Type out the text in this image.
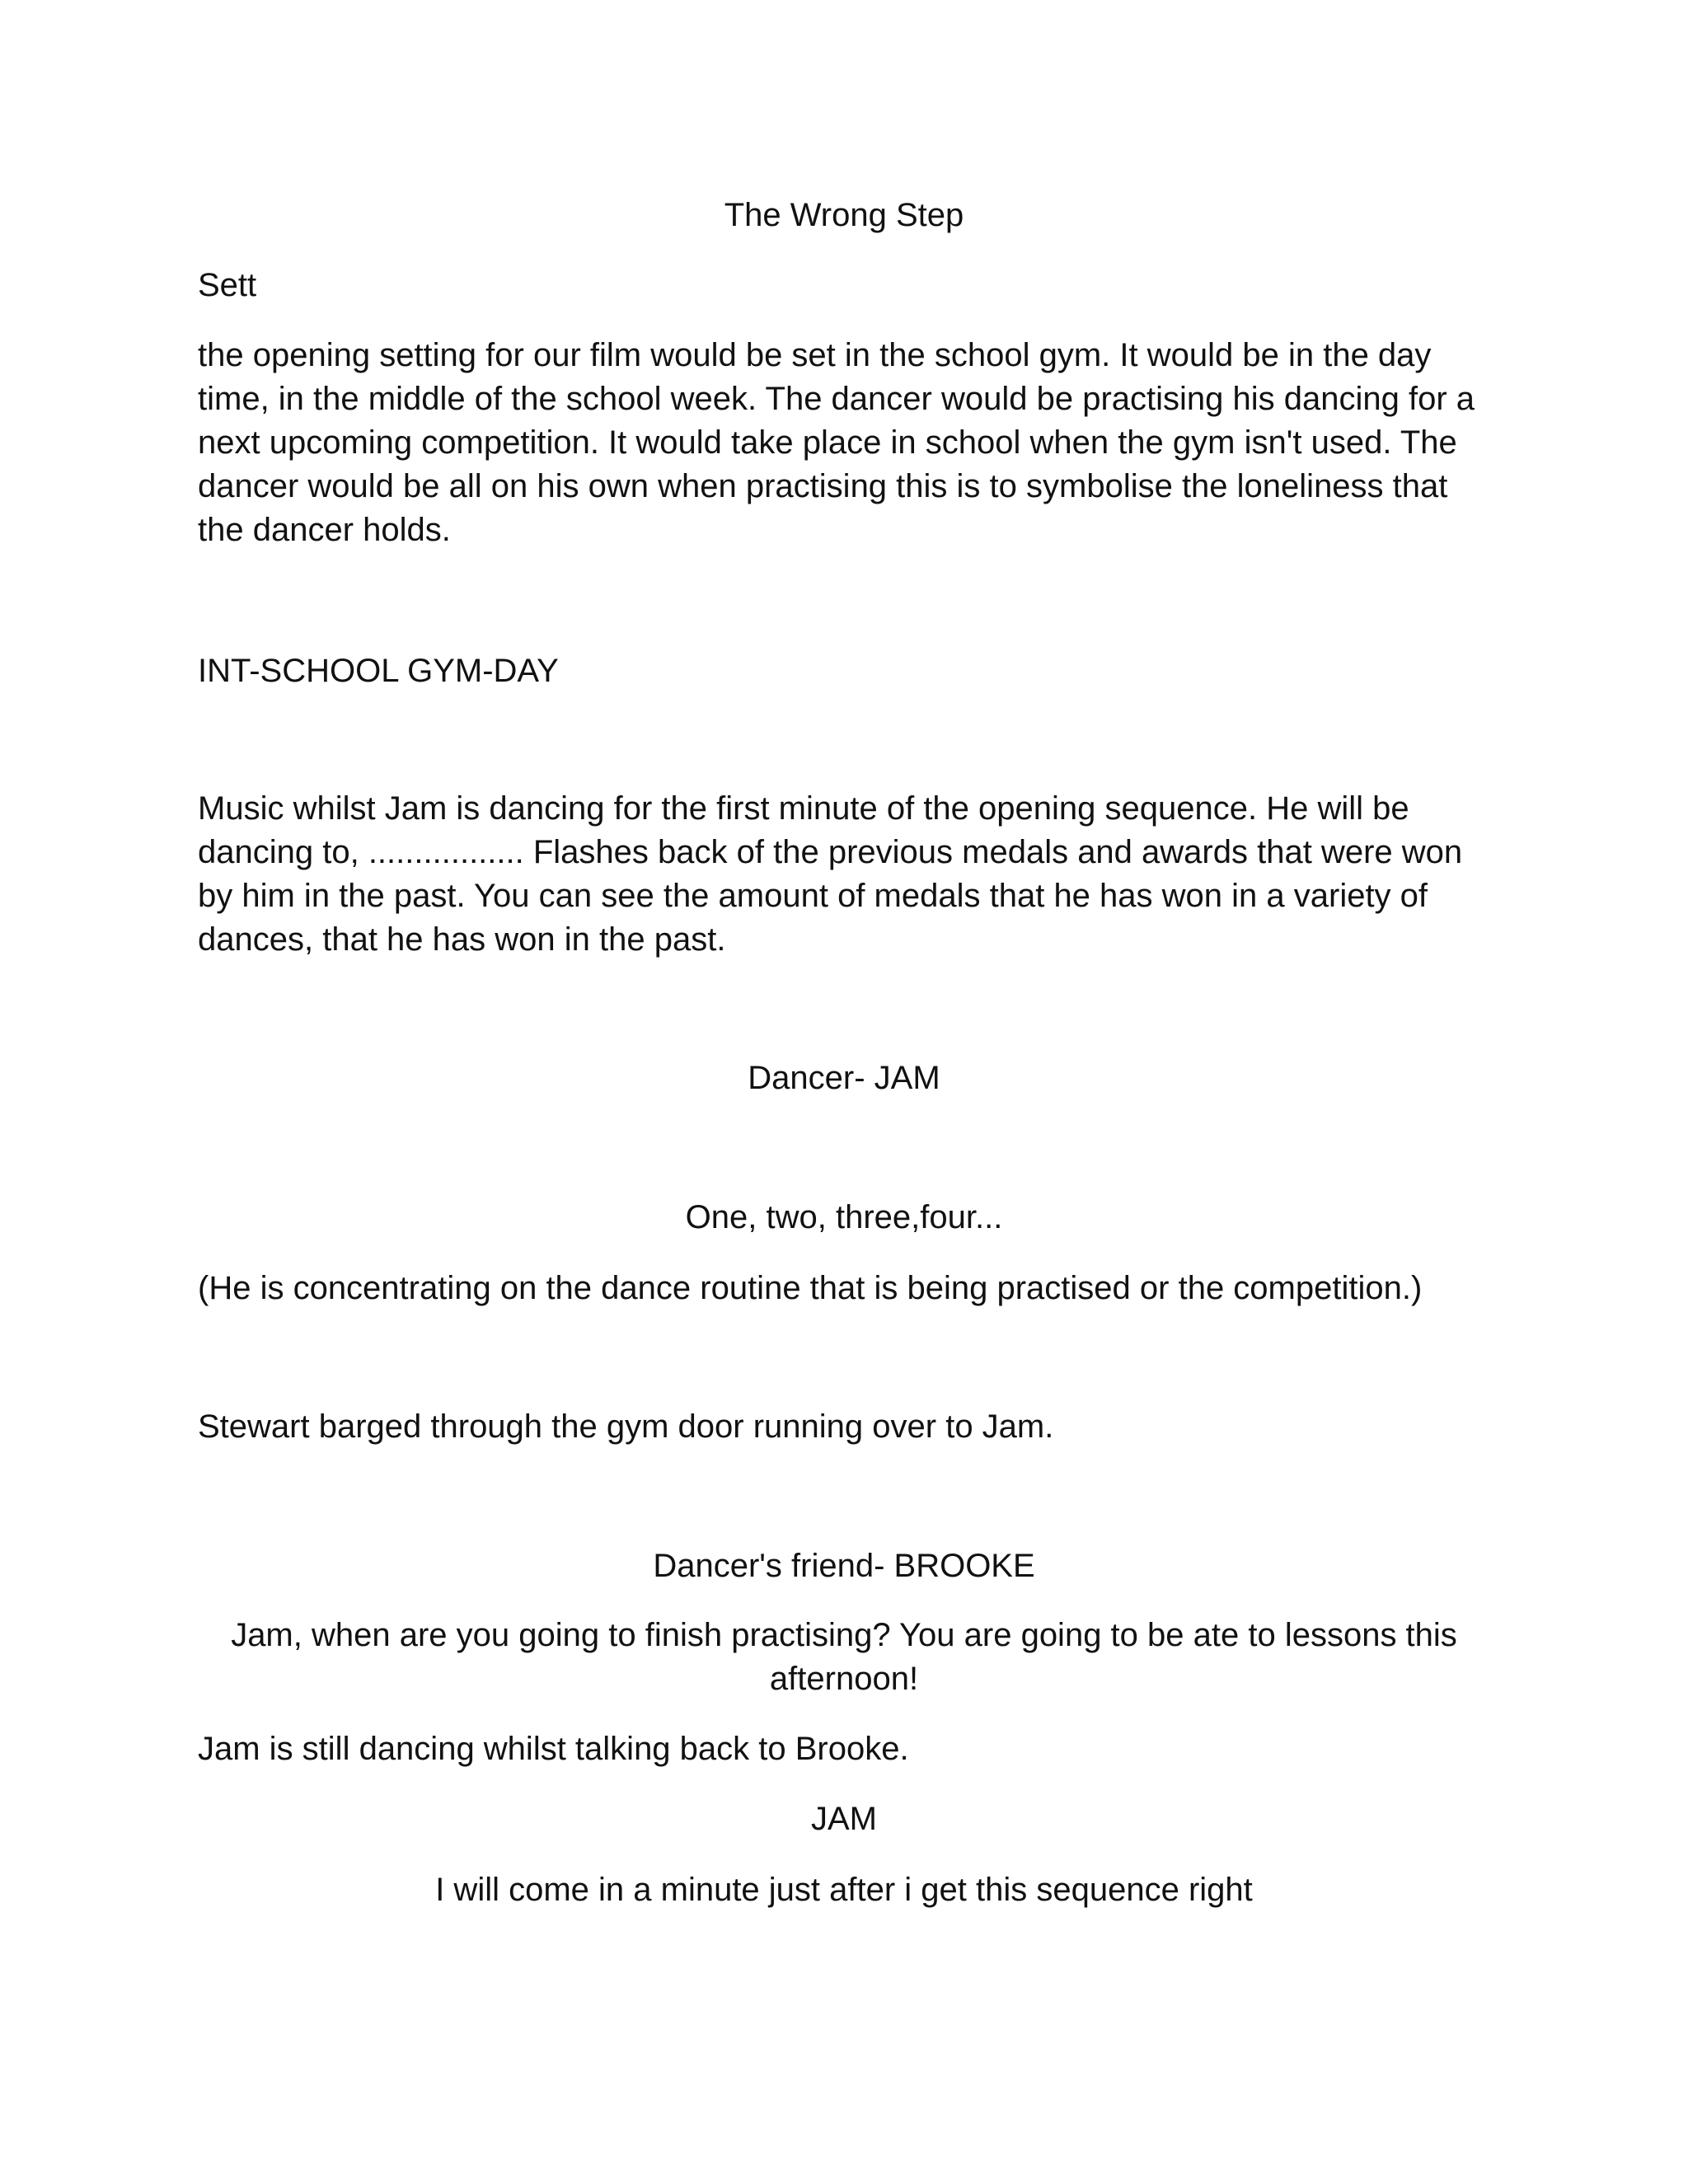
The Wrong Step

Sett

the opening setting for our film would be set in the school gym. It would be in the day
time, in the middle of the school week. The dancer would be practising his dancing for a
next upcoming competition. It would take place in school when the gym isn't used. The
dancer would be all on his own when practising this is to symbolise the loneliness that
the dancer holds.

INT-SCHOOL GYM-DAY

Music whilst Jam is dancing for the first minute of the opening sequence. He will be
dancing to, ................. Flashes back of the previous medals and awards that were won
by him in the past. You can see the amount of medals that he has won in a variety of
dances, that he has won in the past.

Dancer- JAM

One, two, three,four...

(He is concentrating on the dance routine that is being practised or the competition.)

Stewart barged through the gym door running over to Jam.

Dancer's friend- BROOKE

Jam, when are you going to finish practising? You are going to be ate to lessons this
afternoon!

Jam is still dancing whilst talking back to Brooke.

JAM

I will come in a minute just after i get this sequence right
